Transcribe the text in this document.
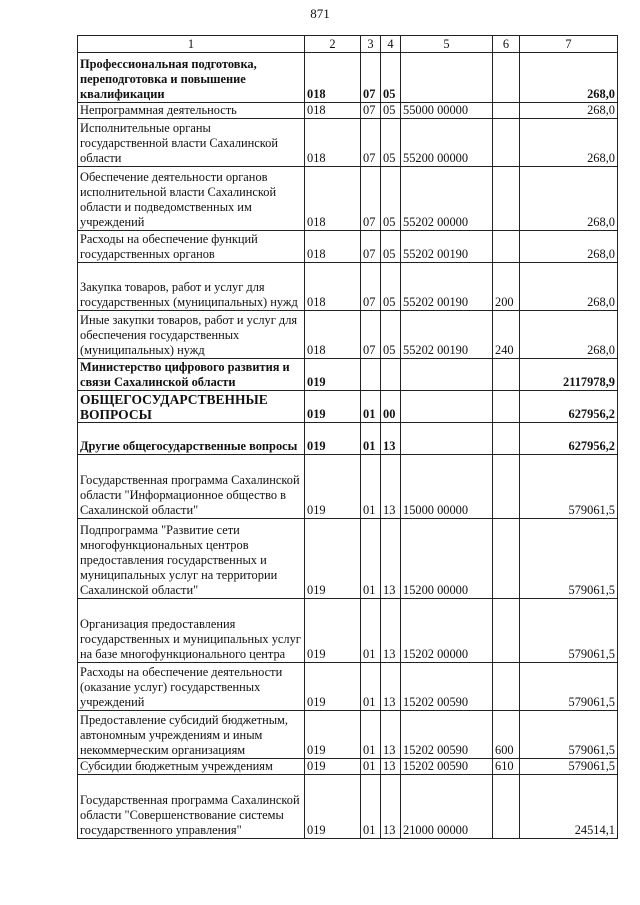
871
1	2	3	4	5	6	7
Профессиональная подготовка, переподготовка и повышение квалификации	018	07	05			268,0
Непрограммная деятельность	018	07	05	55000 00000		268,0
Исполнительные органы государственной власти Сахалинской области	018	07	05	55200 00000		268,0
Обеспечение деятельности органов исполнительной власти Сахалинской области и подведомственных им учреждений	018	07	05	55202 00000		268,0
Расходы на обеспечение функций государственных органов	018	07	05	55202 00190		268,0
Закупка товаров, работ и услуг для государственных (муниципальных) нужд	018	07	05	55202 00190	200	268,0
Иные закупки товаров, работ и услуг для обеспечения государственных (муниципальных) нужд	018	07	05	55202 00190	240	268,0
Министерство цифрового развития и связи Сахалинской области	019					2117978,9
ОБЩЕГОСУДАРСТВЕННЫЕ ВОПРОСЫ	019	01	00			627956,2
Другие общегосударственные вопросы	019	01	13			627956,2
Государственная программа Сахалинской области "Информационное общество в Сахалинской области"	019	01	13	15000 00000		579061,5
Подпрограмма "Развитие сети многофункциональных центров предоставления государственных и муниципальных услуг на территории Сахалинской области"	019	01	13	15200 00000		579061,5
Организация предоставления государственных и муниципальных услуг на базе многофункционального центра	019	01	13	15202 00000		579061,5
Расходы на обеспечение деятельности (оказание услуг) государственных учреждений	019	01	13	15202 00590		579061,5
Предоставление субсидий бюджетным, автономным учреждениям и иным некоммерческим организациям	019	01	13	15202 00590	600	579061,5
Субсидии бюджетным учреждениям	019	01	13	15202 00590	610	579061,5
Государственная программа Сахалинской области "Совершенствование системы государственного управления"	019	01	13	21000 00000		24514,1
